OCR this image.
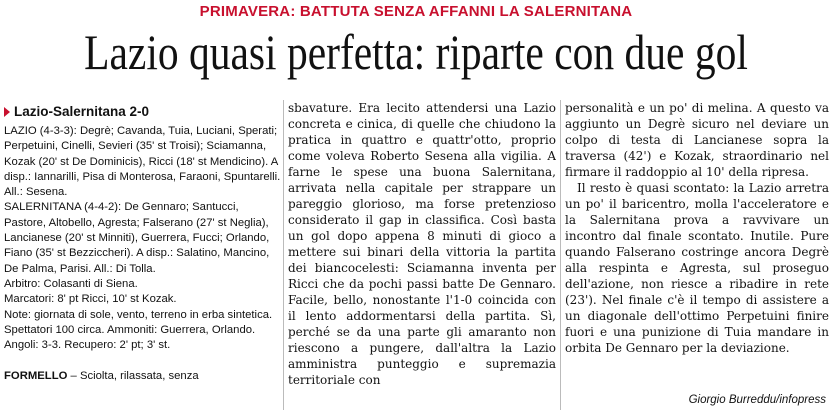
PRIMAVERA: BATTUTA SENZA AFFANNI LA SALERNITANA
Lazio quasi perfetta: riparte con due gol
Lazio-Salernitana 2-0

LAZIO (4-3-3): Degrè; Cavanda, Tuia, Luciani, Sperati; Perpetuini, Cinelli, Sevieri (35' st Troisi); Sciamanna, Kozak (20' st De Dominicis), Ricci (18' st Mendicino). A disp.: Iannarilli, Pisa di Monterosa, Faraoni, Spuntarelli. All.: Sesena.

SALERNITANA (4-4-2): De Gennaro; Santucci, Pastore, Altobello, Agresta; Falserano (27' st Neglia), Lancianese (20' st Minniti), Guerrera, Fucci; Orlando, Fiano (35' st Bezziccheri). A disp.: Salatino, Mancino, De Palma, Parisi. All.: Di Tolla.

Arbitro: Colasanti di Siena.

Marcatori: 8' pt Ricci, 10' st Kozak.

Note: giornata di sole, vento, terreno in erba sintetica. Spettatori 100 circa. Ammoniti: Guerrera, Orlando. Angoli: 3-3. Recupero: 2' pt; 3' st.

FORMELLO – Sciolta, rilassata, senza

sbavature. Era lecito attendersi una Lazio concreta e cinica, di quelle che chiudono la pratica in quattro e quattr'otto, proprio come voleva Roberto Sesena alla vigilia. A farne le spese una buona Salernitana, arrivata nella capitale per strappare un pareggio glorioso, ma forse pretenzioso considerato il gap in classifica. Così basta un gol dopo appena 8 minuti di gioco a mettere sui binari della vittoria la partita dei biancocelesti: Sciamanna inventa per Ricci che da pochi passi batte De Gennaro. Facile, bello, nonostante l'1-0 coincida con il lento addormentarsi della partita. Sì, perché se da una parte gli amaranto non riescono a pungere, dall'altra la Lazio amministra punteggio e supremazia territoriale con

personalità e un po' di melina. A questo va aggiunto un Degrè sicuro nel deviare un colpo di testa di Lancianese sopra la traversa (42') e Kozak, straordinario nel firmare il raddoppio al 10' della ripresa.

Il resto è quasi scontato: la Lazio arretra un po' il baricentro, molla l'acceleratore e la Salernitana prova a ravvivare un incontro dal finale scontato. Inutile. Pure quando Falserano costringe ancora Degrè alla respinta e Agresta, sul proseguo dell'azione, non riesce a ribadire in rete (23'). Nel finale c'è il tempo di assistere a un diagonale dell'ottimo Perpetuini finire fuori e una punizione di Tuia mandare in orbita De Gennaro per la deviazione.

Giorgio Burreddu/infopress
